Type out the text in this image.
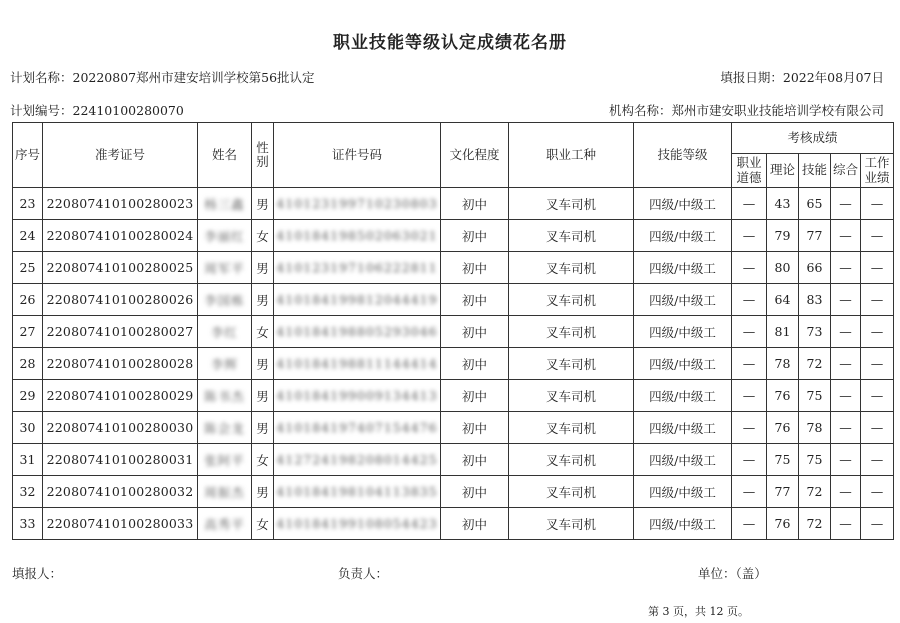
职业技能等级认定成绩花名册
计划名称：20220807郑州市建安培训学校第56批认定	填报日期：2022年08月07日
计划编号：22410100280070	机构名称：郑州市建安职业技能培训学校有限公司
序号	准考证号	姓名	性别	证件号码	文化程度	职业工种	技能等级	考核成绩				
								职业道德	理论	技能	综合	工作业绩
23	220807410100280023	杨三鑫	男	410123199710230803	初中	叉车司机	四级/中级工	—	43	65	—	—
24	220807410100280024	李丽红	女	410184198502063021	初中	叉车司机	四级/中级工	—	79	77	—	—
25	220807410100280025	周军平	男	410123197106222811	初中	叉车司机	四级/中级工	—	80	66	—	—
26	220807410100280026	李国栋	男	410184199812044419	初中	叉车司机	四级/中级工	—	64	83	—	—
27	220807410100280027	李红	女	410184198805293046	初中	叉车司机	四级/中级工	—	81	73	—	—
28	220807410100280028	李辉	男	410184198811144414	初中	叉车司机	四级/中级工	—	78	72	—	—
29	220807410100280029	陈书杰	男	410184199009134413	初中	叉车司机	四级/中级工	—	76	75	—	—
30	220807410100280030	陈会龙	男	410184197407154476	初中	叉车司机	四级/中级工	—	76	78	—	—
31	220807410100280031	张阿平	女	412724198208014425	初中	叉车司机	四级/中级工	—	75	75	—	—
32	220807410100280032	周振杰	男	410184198104113835	初中	叉车司机	四级/中级工	—	77	72	—	—
33	220807410100280033	高秀平	女	410184199108054423	初中	叉车司机	四级/中级工	—	76	72	—	—
填报人：	负责人：	单位：（盖）
第 3 页，共 12 页。
